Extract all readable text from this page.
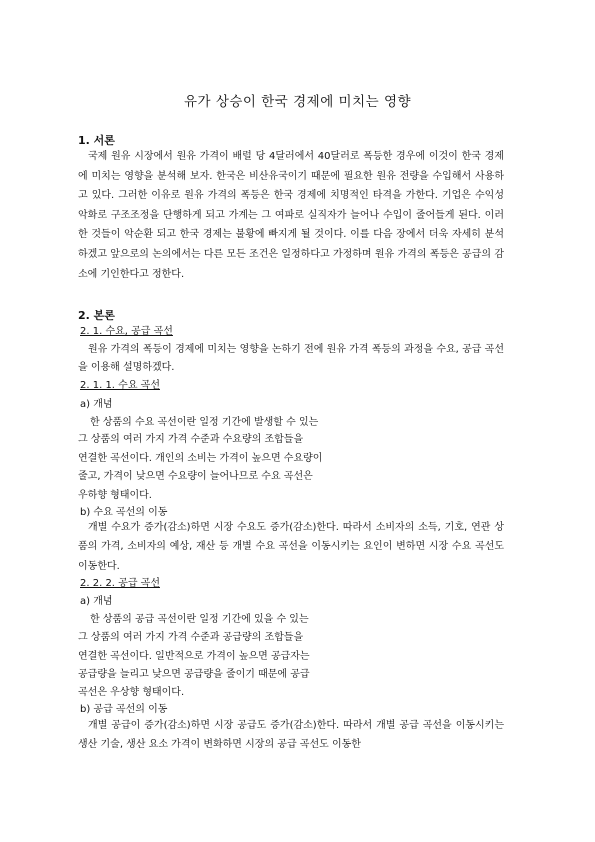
유가 상승이 한국 경제에 미치는 영향
1. 서론

국제 원유 시장에서 원유 가격이 배럴 당 4달러에서 40달러로 폭등한 경우에 이것이 한국 경제에 미치는 영향을 분석해 보자. 한국은 비산유국이기 때문에 필요한 원유 전량을 수입해서 사용하고 있다. 그러한 이유로 원유 가격의 폭등은 한국 경제에 치명적인 타격을 가한다. 기업은 수익성 악화로 구조조정을 단행하게 되고 가계는 그 여파로 실직자가 늘어나 수입이 줄어들게 된다. 이러한 것들이 악순환 되고 한국 경제는 불황에 빠지게 될 것이다. 이를 다음 장에서 더욱 자세히 분석하겠고 앞으로의 논의에서는 다른 모든 조건은 일정하다고 가정하며 원유 가격의 폭등은 공급의 감소에 기인한다고 정한다.

2. 본론
2. 1. 수요, 공급 곡선

원유 가격의 폭등이 경제에 미치는 영향을 논하기 전에 원유 가격 폭등의 과정을 수요, 공급 곡선을 이용해 설명하겠다.

2. 1. 1. 수요 곡선
a) 개념
한 상품의 수요 곡선이란 일정 기간에 발생할 수 있는
그 상품의 여러 가지 가격 수준과 수요량의 조합들을
연결한 곡선이다. 개인의 소비는 가격이 높으면 수요량이
줄고, 가격이 낮으면 수요량이 늘어나므로 수요 곡선은
우하향 형태이다.
b) 수요 곡선의 이동

개별 수요가 증가(감소)하면 시장 수요도 증가(감소)한다. 따라서 소비자의 소득, 기호, 연관 상품의 가격, 소비자의 예상, 재산 등 개별 수요 곡선을 이동시키는 요인이 변하면 시장 수요 곡선도 이동한다.

2. 2. 2. 공급 곡선
a) 개념
한 상품의 공급 곡선이란 일정 기간에 있을 수 있는
그 상품의 여러 가지 가격 수준과 공급량의 조합들을
연결한 곡선이다. 일반적으로 가격이 높으면 공급자는
공급량을 늘리고 낮으면 공급량을 줄이기 때문에 공급
곡선은 우상향 형태이다.
b) 공급 곡선의 이동

개별 공급이 증가(감소)하면 시장 공급도 증가(감소)한다. 따라서 개별 공급 곡선을 이동시키는 생산 기술, 생산 요소 가격이 변화하면 시장의 공급 곡선도 이동한
